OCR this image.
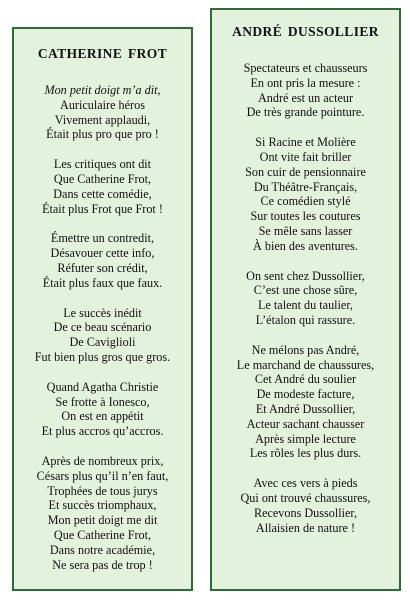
CATHERINE FROT
Mon petit doigt m’a dit,
Auriculaire héros
Vivement applaudi,
Était plus pro que pro !
Les critiques ont dit
Que Catherine Frot,
Dans cette comédie,
Était plus Frot que Frot !
Émettre un contredit,
Désavouer cette info,
Réfuter son crédit,
Était plus faux que faux.
Le succès inédit
De ce beau scénario
De Caviglioli
Fut bien plus gros que gros.
Quand Agatha Christie
Se frotte à Ionesco,
On est en appétit
Et plus accros qu’accros.
Après de nombreux prix,
Césars plus qu’il n’en faut,
Trophées de tous jurys
Et succès triomphaux,
Mon petit doigt me dit
Que Catherine Frot,
Dans notre académie,
Ne sera pas de trop !
ANDRÉ DUSSOLLIER
Spectateurs et chausseurs
En ont pris la mesure :
André est un acteur
De très grande pointure.
Si Racine et Molière
Ont vite fait briller
Son cuir de pensionnaire
Du Théâtre-Français,
Ce comédien stylé
Sur toutes les coutures
Se mêle sans lasser
À bien des aventures.
On sent chez Dussollier,
C’est une chose sûre,
Le talent du taulier,
L’étalon qui rassure.
Ne mélons pas André,
Le marchand de chaussures,
Cet André du soulier
De modeste facture,
Et André Dussollier,
Acteur sachant chausser
Après simple lecture
Les rôles les plus durs.
Avec ces vers à pieds
Qui ont trouvé chaussures,
Recevons Dussollier,
Allaisien de nature !
